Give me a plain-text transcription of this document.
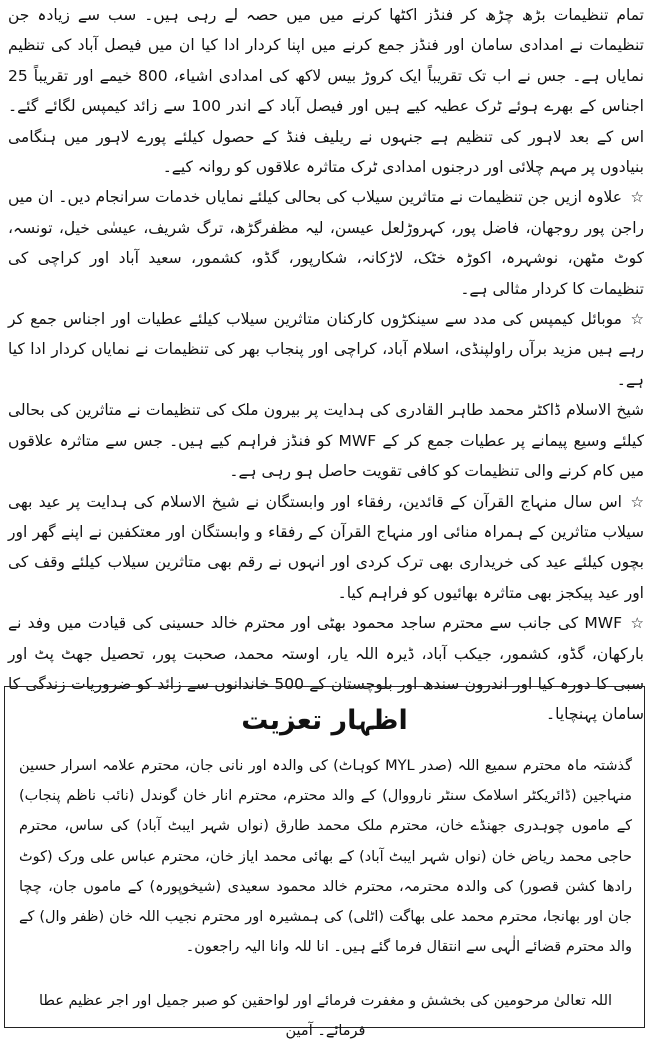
تمام تنظیمات بڑھ چڑھ کر فنڈز اکٹھا کرنے میں میں حصہ لے رہی ہیں۔ سب سے زیادہ جن تنظیمات نے امدادی سامان اور فنڈز جمع کرنے میں اپنا کردار ادا کیا ان میں فیصل آباد کی تنظیم نمایاں ہے۔ جس نے اب تک تقریباً ایک کروڑ بیس لاکھ کی امدادی اشیاء، 800 خیمے اور تقریباً 25 اجناس کے بھرے ہوئے ٹرک عطیہ کیے ہیں اور فیصل آباد کے اندر 100 سے زائد کیمپس لگائے گئے۔ اس کے بعد لاہور کی تنظیم ہے جنہوں نے ریلیف فنڈ کے حصول کیلئے پورے لاہور میں ہنگامی بنیادوں پر مہم چلائی اور درجنوں امدادی ٹرک متاثرہ علاقوں کو روانہ کیے۔

☆علاوہ ازیں جن تنظیمات نے متاثرین سیلاب کی بحالی کیلئے نمایاں خدمات سرانجام دیں۔ ان میں راجن پور روجھان، فاضل پور، کہروڑلعل عیسن، لیہ مظفرگڑھ، ترگ شریف، عیسٰی خیل، تونسہ، کوٹ مٹھن، نوشہرہ، اکوڑہ خٹک، لاڑکانہ، شکارپور، گڈو، کشمور، سعید آباد اور کراچی کی تنظیمات کا کردار مثالی ہے۔

☆موبائل کیمپس کی مدد سے سینکڑوں کارکنان متاثرین سیلاب کیلئے عطیات اور اجناس جمع کر رہے ہیں مزید برآں راولپنڈی، اسلام آباد، کراچی اور پنجاب بھر کی تنظیمات نے نمایاں کردار ادا کیا ہے۔

شیخ الاسلام ڈاکٹر محمد طاہر القادری کی ہدایت پر بیرون ملک کی تنظیمات نے متاثرین کی بحالی کیلئے وسیع پیمانے پر عطیات جمع کر کے MWF کو فنڈز فراہم کیے ہیں۔ جس سے متاثرہ علاقوں میں کام کرنے والی تنظیمات کو کافی تقویت حاصل ہو رہی ہے۔

☆اس سال منہاج القرآن کے قائدین، رفقاء اور وابستگان نے شیخ الاسلام کی ہدایت پر عید بھی سیلاب متاثرین کے ہمراہ منائی اور منہاج القرآن کے رفقاء و وابستگان اور معتکفین نے اپنے گھر اور بچوں کیلئے عید کی خریداری بھی ترک کردی اور انہوں نے رقم بھی متاثرین سیلاب کیلئے وقف کی اور عید پیکجز بھی متاثرہ بھائیوں کو فراہم کیا۔

☆MWF کی جانب سے محترم ساجد محمود بھٹی اور محترم خالد حسینی کی قیادت میں وفد نے بارکھان، گڈو، کشمور، جیکب آباد، ڈیرہ اللہ یار، اوستہ محمد، صحبت پور، تحصیل جھٹ پٹ اور سبی کا دورہ کیا اور اندرون سندھ اور بلوچستان کے 500 خاندانوں سے زائد کو ضروریات زندگی کا سامان پہنچایا۔

اظہار تعزیت
گذشتہ ماہ محترم سمیع اللہ (صدر MYL کوہاٹ) کی والدہ اور نانی جان، محترم علامہ اسرار حسین منہاجین (ڈائریکٹر اسلامک سنٹر نارووال) کے والد محترم، محترم انار خان گوندل (نائب ناظم پنجاب) کے ماموں چوہدری جھنڈے خان، محترم ملک محمد طارق (نواں شہر ایبٹ آباد) کی ساس، محترم حاجی محمد ریاض خان (نواں شہر ایبٹ آباد) کے بھائی محمد ایاز خان، محترم عباس علی ورک (کوٹ رادھا کشن قصور) کی والدہ محترمہ، محترم خالد محمود سعیدی (شیخوپورہ) کے ماموں جان، چچا جان اور بھانجا، محترم محمد علی بھاگت (اٹلی) کی ہمشیرہ اور محترم نجیب اللہ خان (ظفر وال) کے والد محترم قضائے الٰہی سے انتقال فرما گئے ہیں۔ انا للہ وانا الیہ راجعون۔
اللہ تعالیٰ مرحومین کی بخشش و مغفرت فرمائے اور لواحقین کو صبر جمیل اور اجر عظیم عطا فرمائے۔ آمین
